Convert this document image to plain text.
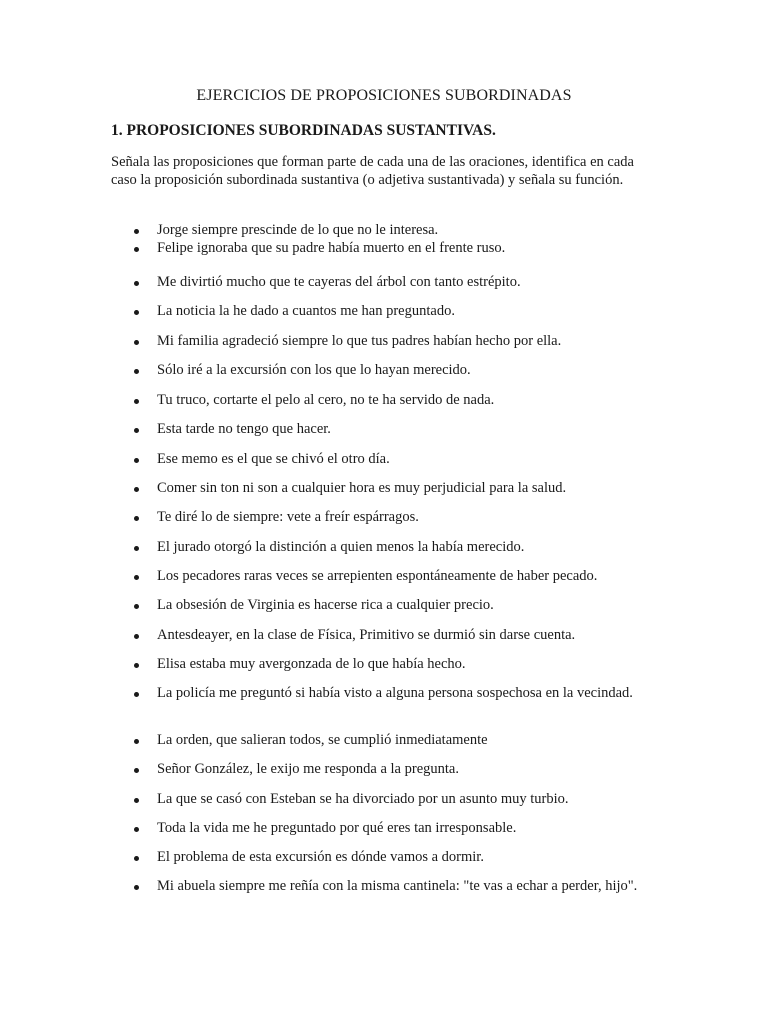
EJERCICIOS DE PROPOSICIONES SUBORDINADAS
1. PROPOSICIONES SUBORDINADAS SUSTANTIVAS.
Señala las proposiciones que forman parte de cada una de las oraciones, identifica en cada caso la proposición subordinada sustantiva (o adjetiva sustantivada) y señala su función.
Jorge siempre prescinde de lo que no le interesa.
Felipe ignoraba que su padre había muerto en el frente ruso.
Me divirtió mucho que te cayeras del árbol con tanto estrépito.
La noticia la he dado a cuantos me han preguntado.
Mi familia agradeció siempre lo que tus padres habían hecho por ella.
Sólo iré a la excursión con los que lo hayan merecido.
Tu truco, cortarte el pelo al cero, no te ha servido de nada.
Esta tarde no tengo que hacer.
Ese memo es el que se chivó el otro día.
Comer sin ton ni son a cualquier hora es muy perjudicial para la salud.
Te diré lo de siempre: vete a freír espárragos.
El jurado otorgó la distinción a quien menos la había merecido.
Los pecadores raras veces se arrepienten espontáneamente de haber pecado.
La obsesión de Virginia es hacerse rica a cualquier precio.
Antesdeayer, en la clase de Física, Primitivo se durmió sin darse cuenta.
Elisa estaba muy avergonzada de lo que había hecho.
La policía me preguntó si había visto a alguna persona sospechosa en la vecindad.
La orden, que salieran todos, se cumplió inmediatamente
Señor González, le exijo me responda a la pregunta.
La que se casó con Esteban se ha divorciado por un asunto muy turbio.
Toda la vida me he preguntado por qué eres tan irresponsable.
El problema de esta excursión es dónde vamos a dormir.
Mi abuela siempre me reñía con la misma cantinela: "te vas a echar a perder, hijo".
